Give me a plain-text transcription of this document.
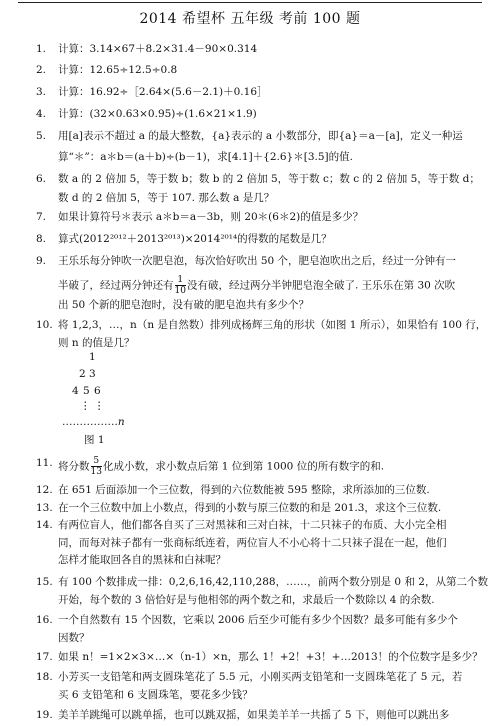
2014 希望杯 五年级 考前 100 题
1. 计算：3.14×67＋8.2×31.4－90×0.314
2. 计算：12.65÷12.5÷0.8
3. 计算：16.92÷［2.64×(5.6－2.1)＋0.16］
4. 计算：(32×0.63×0.95)÷(1.6×21×1.9)
5. 用[a]表示不超过 a 的最大整数，{a}表示的 a 小数部分，即{a}＝a－[a]，定义一种运
算“＊”：a＊b＝(a＋b)÷(b－1)，求[4.1]＋{2.6}＊[3.5]的值.
6. 数 a 的 2 倍加 5，等于数 b；数 b 的 2 倍加 5，等于数 c；数 c 的 2 倍加 5，等于数 d；
数 d 的 2 倍加 5，等于 107. 那么数 a 是几？
7. 如果计算符号＊表示 a＊b＝a－3b，则 20＊(6＊2)的值是多少？
8. 算式(2012²⁰¹²＋2013²⁰¹³)×2014²⁰¹⁴的得数的尾数是几？
9. 王乐乐每分钟吹一次肥皂泡，每次恰好吹出 50 个，肥皂泡吹出之后，经过一分钟有一
半破了，经过两分钟还有 $\frac{1}{10}$ 没有破，经过两分半钟肥皂泡全破了. 王乐乐在第 30 次吹
出 50 个新的肥皂泡时，没有破的肥皂泡共有多少个？
10. 将 1,2,3，…，n（n 是自然数）排列成杨辉三角的形状（如图 1 所示），如果恰有 100 行，
则 n 的值是几？
1
2 3
4 5 6
⋮ ⋮
…………….n
图 1
11. 将分数 $\frac{5}{13}$ 化成小数，求小数点后第 1 位到第 1000 位的所有数字的和.
12. 在 651 后面添加一个三位数，得到的六位数能被 595 整除，求所添加的三位数.
13. 在一个三位数中加上小数点，得到的小数与原三位数的和是 201.3，求这个三位数.
14. 有两位盲人，他们都各自买了三对黑袜和三对白袜，十二只袜子的布质、大小完全相
同，而每对袜子都有一张商标纸连着，两位盲人不小心将十二只袜子混在一起，他们
怎样才能取回各自的黑袜和白袜呢？
15. 有 100 个数排成一排：0,2,6,16,42,110,288，……，前两个数分别是 0 和 2，从第二个数
开始，每个数的 3 倍恰好是与他相邻的两个数之和，求最后一个数除以 4 的余数.
16. 一个自然数有 15 个因数，它乘以 2006 后至少可能有多少个因数？最多可能有多少个
因数？
17. 如果 n！=1×2×3×…×（n-1）×n，那么 1！+2！+3！+…2013！的个位数字是多少？
18. 小芳买一支铅笔和两支圆珠笔花了 5.5 元，小刚买两支铅笔和一支圆珠笔花了 5 元，若
买 6 支铅笔和 6 支圆珠笔，要花多少钱？
19. 美羊羊跳绳可以跳单摇，也可以跳双摇，如果美羊羊一共摇了 5 下，则他可以跳出多
